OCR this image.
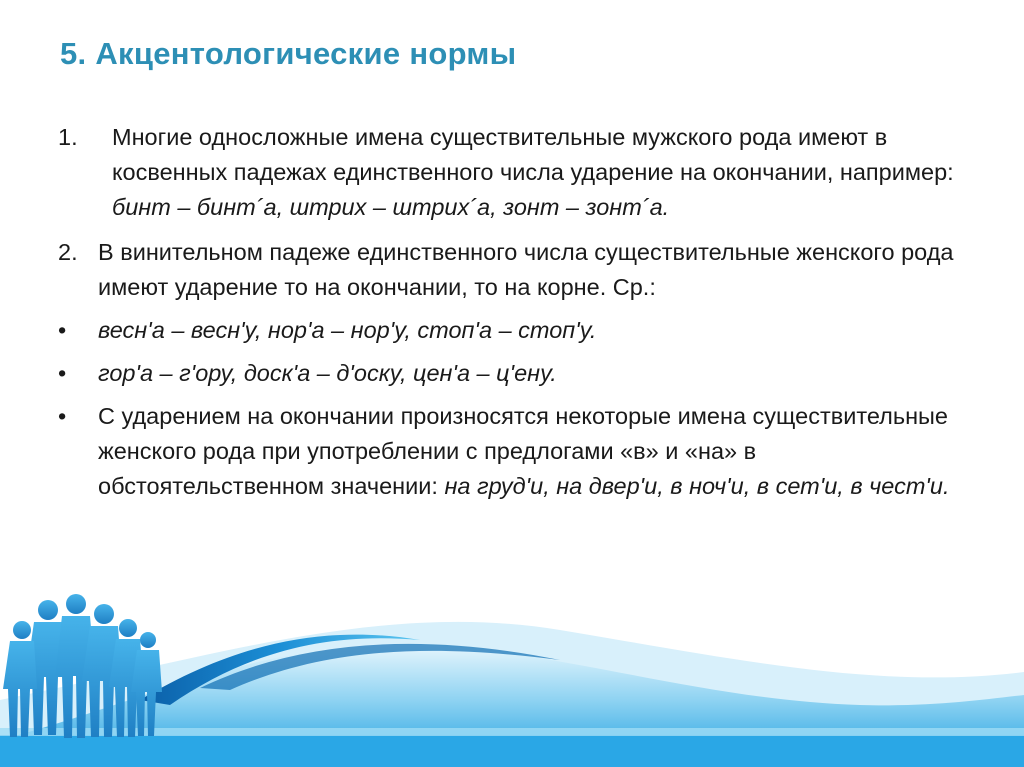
5. Акцентологические нормы
1.	Многие односложные имена существительные мужского рода имеют в косвенных падежах единственного числа ударение на окончании, например: бинт – бинт´а, штрих – штрих´а, зонт – зонт´а.
2. В винительном падеже единственного числа существительные женского рода имеют ударение то на окончании, то на корне. Ср.:
•	весн'а – весн'у, нор'а – нор'у, стоп'а – стоп'у.
•	гор'а – г'ору, доск'а – д'оску, цен'а – ц'ену.
•	С ударением на окончании произносятся некоторые имена существительные женского рода при употреблении с предлогами «в» и «на» в обстоятельственном значении: на груд'и, на двер'и, в ноч'и, в сет'и, в чест'и.
